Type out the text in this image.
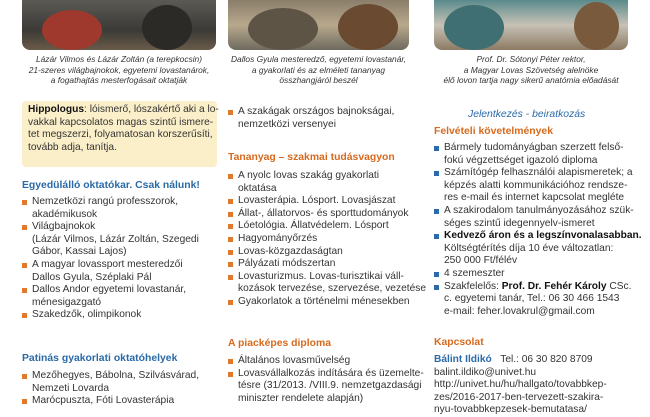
Lázár Vilmos és Lázár Zoltán (a terepkocsin)
21-szeres világbajnokok, egyetemi lovastanárok,
a fogathajtás mesterfogásait oktatják
Dallos Gyula mesteredző, egyetemi lovastanár,
a gyakorlati és az elméleti tananyag
összhangjáról beszél
Prof. Dr. Sótonyi Péter rektor,
a Magyar Lovas Szövetség alelnöke
élő lovon tartja nagy sikerű anatómia előadását
Hippologus: lóismerő, lószakértő aki a lo-
vakkal kapcsolatos magas szintű ismere-
tet megszerzi, folyamatosan korszerűsíti,
tovább adja, tanítja.
Egyedülálló oktatókar. Csak nálunk!
Nemzetközi rangú professzorok,
akadémikusok
Világbajnokok
(Lázár Vilmos, Lázár Zoltán, Szegedi
Gábor, Kassai Lajos)
A magyar lovassport mesteredzői
Dallos Gyula, Széplaki Pál
Dallos Andor egyetemi lovastanár,
ménesigazgató
Szakedzők, olimpikonok
Patinás gyakorlati oktatóhelyek
Mezőhegyes, Bábolna, Szilvásvárad,
Nemzeti Lovarda
Marócpuszta, Fóti Lovasterápia
A szakágak országos bajnokságai,
nemzetközi versenyei
Tananyag – szakmai tudásvagyon
A nyolc lovas szakág gyakorlati
oktatása
Lovasterápia. Lósport. Lovasjászat
Állat-, állatorvos- és sporttudományok
Lóetológia. Állatvédelem. Lósport
Hagyományőrzés
Lovas-közgazdaságtan
Pályázati módszertan
Lovasturizmus. Lovas-turisztikai váll-
kozások tervezése, szervezése, vezetése
Gyakorlatok a történelmi ménesekben
A piacképes diploma
Általános lovasművelség
Lovasvállalkozás indítására és üzemelte-
tésre (31/2013. /VIII.9. nemzetgazdasági
miniszter rendelete alapján)
Jelentkezés - beiratkozás
Felvételi követelmények
Bármely tudományágban szerzett felső-
fokú végzettséget igazoló diploma
Számítógép felhasználói alapismeretek; a
képzés alatti kommunikációhoz rendsze-
res e-mail és internet kapcsolat megléte
A szakirodalom tanulmányozásához szük-
séges szintű idegennyelv-ismeret
Kedvező áron és a legszínvonalasabban.
Költségtérítés díja 10 éve változatlan:
250 000 Ft/félév
4 szemeszter
Szakfelelős: Prof. Dr. Fehér Károly CSc.
c. egyetemi tanár, Tel.: 06 30 466 1543
e-mail: feher.lovakrul@gmail.com
Kapcsolat
Bálint Ildikó Tel.: 06 30 820 8709
balint.ildiko@univet.hu
http://univet.hu/hu/hallgato/tovabbkep-
zes/2016-2017-ben-tervezett-szakira-
nyu-tovabbkepzesek-bemutatasa/
